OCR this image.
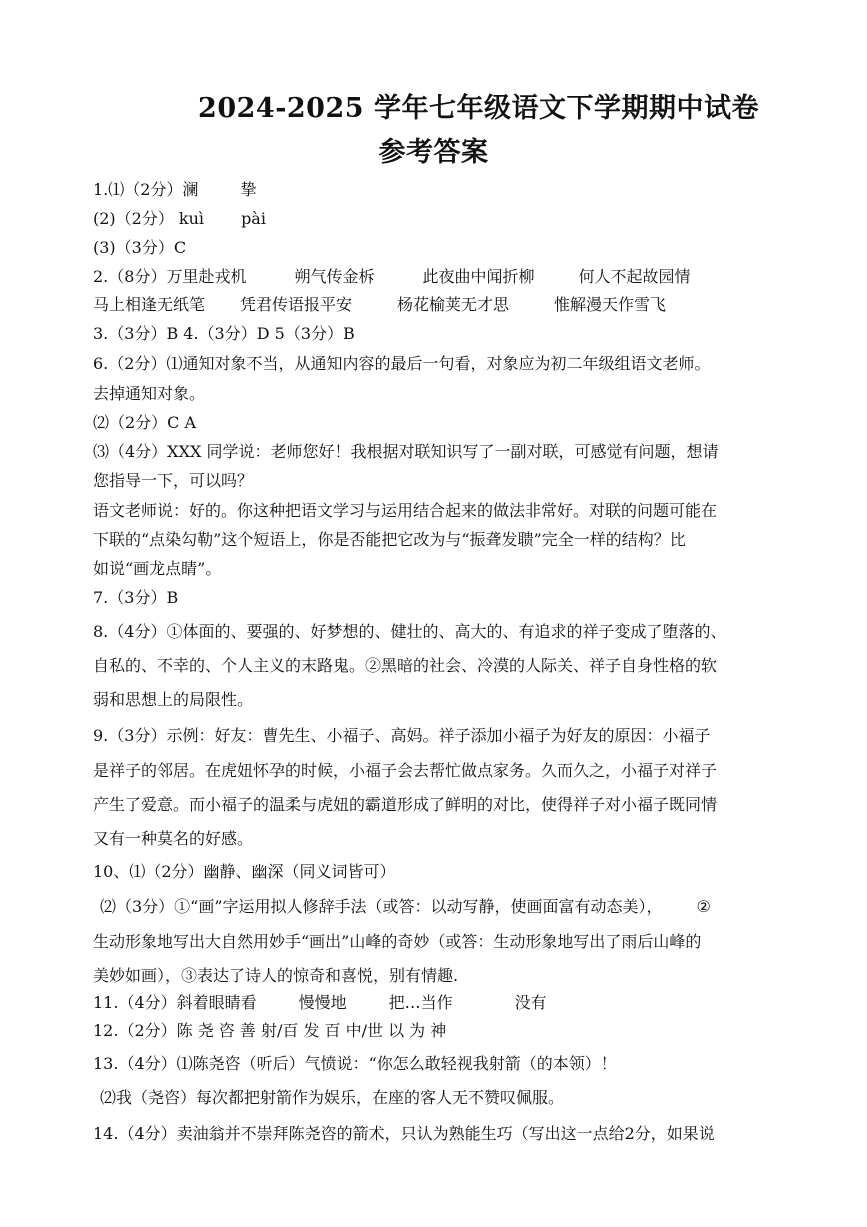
2024-2025 学年七年级语文下学期期中试卷
参考答案
1.⑴（2分）澜	挚
(2)（2分） kuì pài
(3)（3分）C
2.（8分）万里赴戎机	朔气传金柝	此夜曲中闻折柳	何人不起故园情
马上相逢无纸笔 凭君传语报平安	杨花榆荚无才思	惟解漫天作雪飞
3.（3分）B 4.（3分）D 5（3分）B
6.（2分）⑴通知对象不当，从通知内容的最后一句看，对象应为初二年级组语文老师。
去掉通知对象。
⑵（2分）C A
⑶（4分）XXX 同学说：老师您好！我根据对联知识写了一副对联，可感觉有问题，想请
您指导一下，可以吗？
语文老师说：好的。你这种把语文学习与运用结合起来的做法非常好。对联的问题可能在
下联的“点染勾勒”这个短语上，你是否能把它改为与“振聋发聩”完全一样的结构？比
如说“画龙点睛”。
7.（3分）B
8.（4分）①体面的、要强的、好梦想的、健壮的、高大的、有追求的祥子变成了堕落的、
自私的、不幸的、个人主义的末路鬼。②黑暗的社会、冷漠的人际关、祥子自身性格的软
弱和思想上的局限性。
9.（3分）示例：好友：曹先生、小福子、高妈。祥子添加小福子为好友的原因：小福子
是祥子的邻居。在虎妞怀孕的时候，小福子会去帮忙做点家务。久而久之，小福子对祥子
产生了爱意。而小福子的温柔与虎妞的霸道形成了鲜明的对比，使得祥子对小福子既同情
又有一种莫名的好感。
10、⑴（2分）幽静、幽深（同义词皆可）
⑵（3分）①“画”字运用拟人修辞手法（或答：以动写静，使画面富有动态美）， ②
生动形象地写出大自然用妙手“画出”山峰的奇妙（或答：生动形象地写出了雨后山峰的
美妙如画），③表达了诗人的惊奇和喜悦，别有情趣.
11.（4分）斜着眼睛看	慢慢地	把…当作	没有
12.（2分）陈 尧 咨 善 射/百 发 百 中/世 以 为 神
13.（4分）⑴陈尧咨（听后）气愤说：“你怎么敢轻视我射箭（的本领）！
⑵我（尧咨）每次都把射箭作为娱乐，在座的客人无不赞叹佩服。
14.（4分）卖油翁并不崇拜陈尧咨的箭术，只认为熟能生巧（写出这一点给2分，如果说
